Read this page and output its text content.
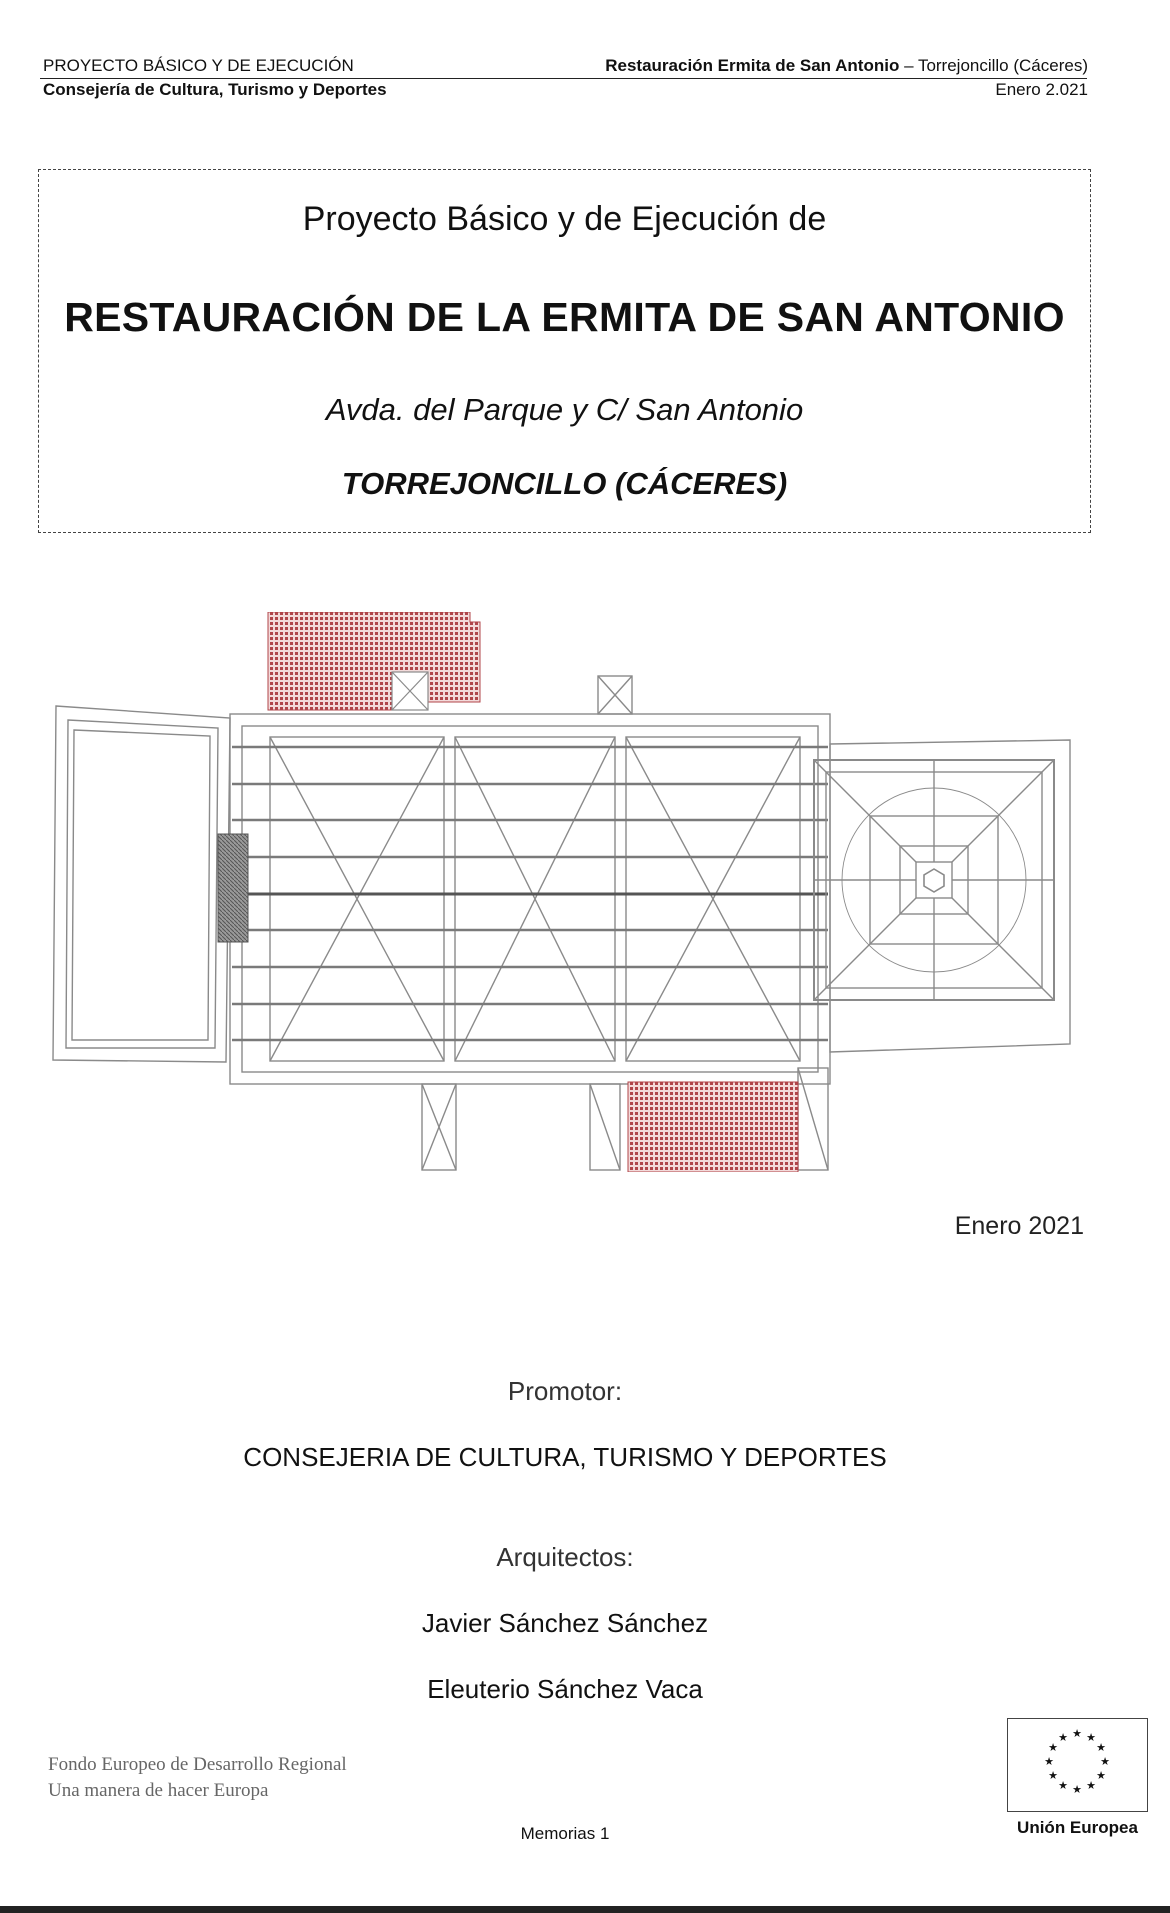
PROYECTO BÁSICO Y DE EJECUCIÓN
Consejería de Cultura, Turismo y Deportes
Restauración Ermita de San Antonio – Torrejoncillo (Cáceres)
Enero 2.021
Proyecto Básico y de Ejecución de
RESTAURACIÓN DE LA ERMITA DE SAN ANTONIO
Avda. del Parque y C/ San Antonio
TORREJONCILLO (CÁCERES)
Enero 2021
Promotor:
CONSEJERIA DE CULTURA, TURISMO Y DEPORTES
Arquitectos:
Javier Sánchez Sánchez
Eleuterio Sánchez Vaca
Fondo Europeo de Desarrollo Regional
Una manera de hacer Europa
★ ★
★
★
★
★
★
★
★
★
★
★
Unión Europea
Memorias 1
